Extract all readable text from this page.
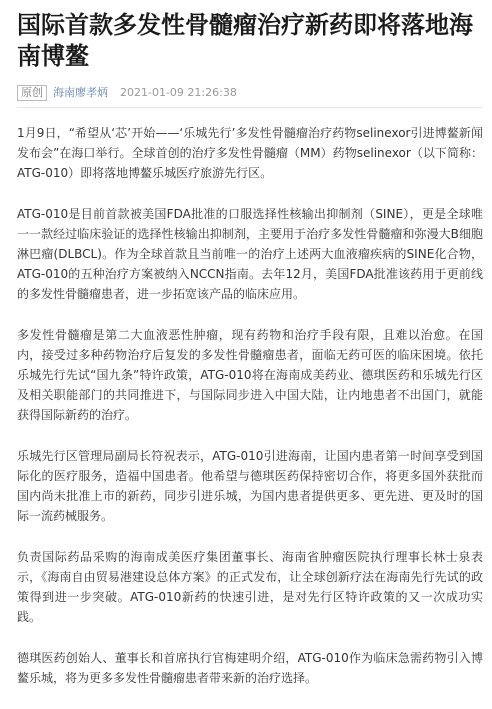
国际首款多发性骨髓瘤治疗新药即将落地海南博鳌
原创 海南廖孝炳 2021-01-09 21:26:38

1月9日，“希望从‘芯’开始——‘乐城先行’多发性骨髓瘤治疗药物selinexor引进博鳌新闻发布会”在海口举行。全球首创的治疗多发性骨髓瘤（MM）药物selinexor（以下简称：ATG-010）即将落地博鳌乐城医疗旅游先行区。

ATG-010是目前首款被美国FDA批准的口服选择性核输出抑制剂（SINE），更是全球唯一一款经过临床验证的选择性核输出抑制剂，主要用于治疗多发性骨髓瘤和弥漫大B细胞淋巴瘤(DLBCL)。作为全球首款且当前唯一的治疗上述两大血液瘤疾病的SINE化合物，ATG-010的五种治疗方案被纳入NCCN指南。去年12月，美国FDA批准该药用于更前线的多发性骨髓瘤患者，进一步拓宽该产品的临床应用。

多发性骨髓瘤是第二大血液恶性肿瘤，现有药物和治疗手段有限，且难以治愈。在国内，接受过多种药物治疗后复发的多发性骨髓瘤患者，面临无药可医的临床困境。依托乐城先行先试“国九条”特许政策，ATG-010将在海南成美药业、德琪医药和乐城先行区及相关职能部门的共同推进下，与国际同步进入中国大陆，让内地患者不出国门，就能获得国际新药的治疗。

乐城先行区管理局副局长符祝表示，ATG-010引进海南，让国内患者第一时间享受到国际化的医疗服务，造福中国患者。他希望与德琪医药保持密切合作，将更多国外获批而国内尚未批准上市的新药，同步引进乐城，为国内患者提供更多、更先进、更及时的国际一流药械服务。

负责国际药品采购的海南成美医疗集团董事长、海南省肿瘤医院执行理事长林士泉表示，《海南自由贸易港建设总体方案》的正式发布，让全球创新疗法在海南先行先试的政策得到进一步突破。ATG-010新药的快速引进，是对先行区特许政策的又一次成功实践。

德琪医药创始人、董事长和首席执行官梅建明介绍，ATG-010作为临床急需药物引入博鳌乐城，将为更多多发性骨髓瘤患者带来新的治疗选择。
